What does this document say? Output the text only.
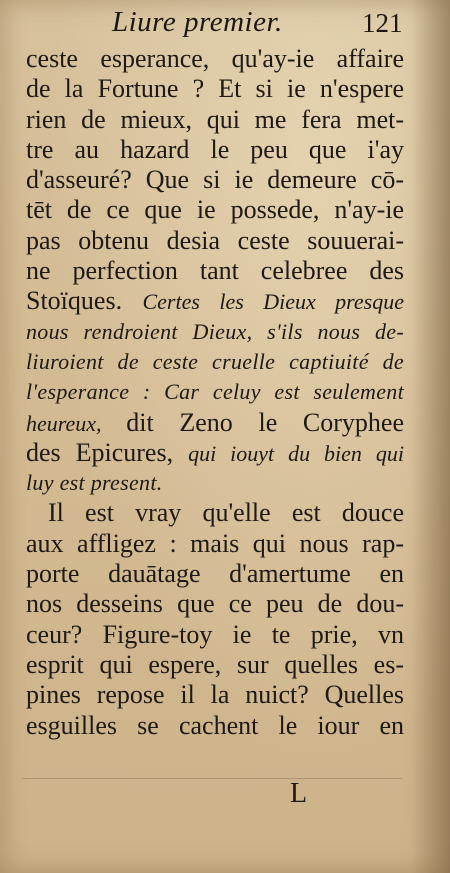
Liure premier.	121
ceste esperance, qu'ay-ie affaire
de la Fortune ? Et si ie n'espere
rien de mieux, qui me fera met-
tre au hazard le peu que i'ay
d'asseuré? Que si ie demeure cō-
tēt de ce que ie possede, n'ay-ie
pas obtenu desia ceste souuerai-
ne perfection tant celebree des
Stoïques. Certes les Dieux presque
nous rendroient Dieux, s'ils nous de-
liuroient de ceste cruelle captiuité de
l'esperance : Car celuy est seulement
heureux, dit Zeno le Coryphee
des Epicures, qui iouyt du bien qui
luy est present.
Il est vray qu'elle est douce
aux affligez : mais qui nous rap-
porte dauātage d'amertume en
nos desseins que ce peu de dou-
ceur? Figure-toy ie te prie, vn
esprit qui espere, sur quelles es-
pines repose il la nuict? Quelles
esguilles se cachent le iour en
L
